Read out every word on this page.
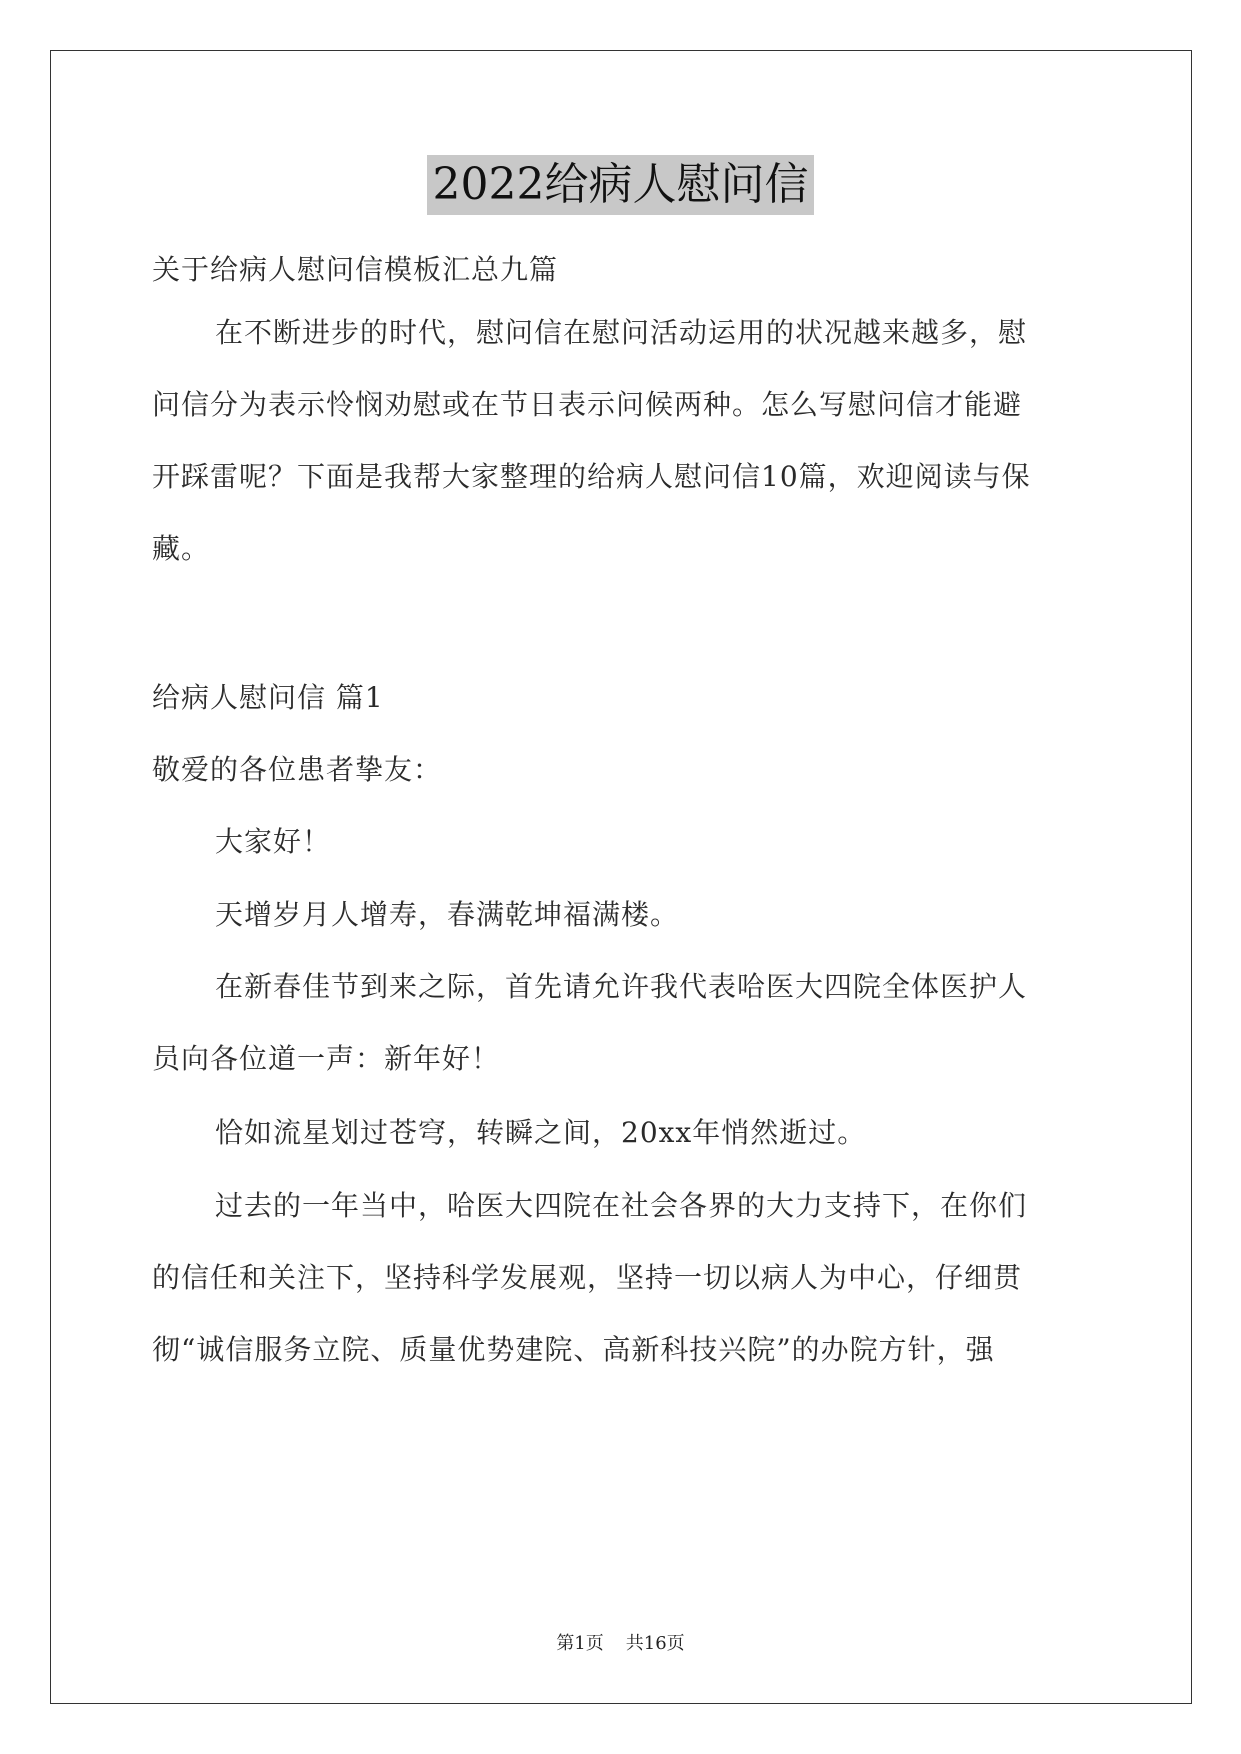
2022给病人慰问信
关于给病人慰问信模板汇总九篇
在不断进步的时代，慰问信在慰问活动运用的状况越来越多，慰
问信分为表示怜悯劝慰或在节日表示问候两种。怎么写慰问信才能避
开踩雷呢？下面是我帮大家整理的给病人慰问信10篇，欢迎阅读与保
藏。
给病人慰问信 篇1
敬爱的各位患者挚友：
大家好！
天增岁月人增寿，春满乾坤福满楼。
在新春佳节到来之际，首先请允许我代表哈医大四院全体医护人
员向各位道一声：新年好！
恰如流星划过苍穹，转瞬之间，20xx年悄然逝过。
过去的一年当中，哈医大四院在社会各界的大力支持下，在你们
的信任和关注下，坚持科学发展观，坚持一切以病人为中心，仔细贯
彻“诚信服务立院、质量优势建院、高新科技兴院”的办院方针，强
第1页 共16页
